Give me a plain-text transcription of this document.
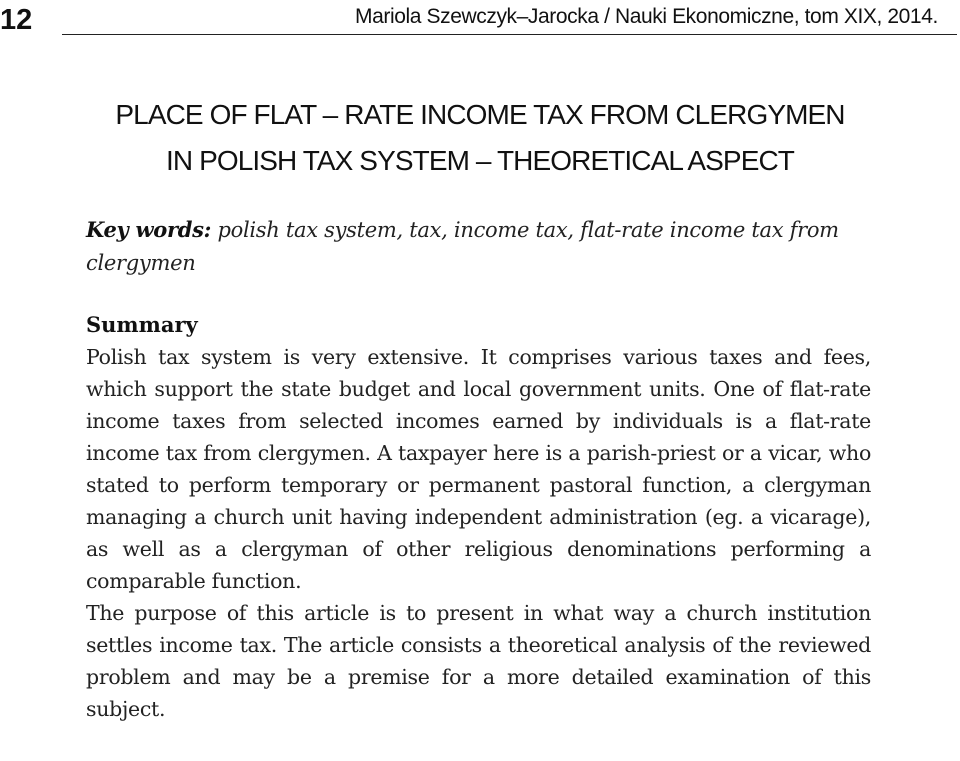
12	Mariola Szewczyk–Jarocka / Nauki Ekonomiczne, tom XIX, 2014.
PLACE OF FLAT – RATE INCOME TAX FROM CLERGYMEN
IN POLISH TAX SYSTEM – THEORETICAL ASPECT
Key words: polish tax system, tax, income tax, flat-rate income tax from clergymen
Summary

Polish tax system is very extensive. It comprises various taxes and fees, which support the state budget and local government units. One of flat-rate income taxes from selected incomes earned by individuals is a flat-rate income tax from clergymen. A taxpayer here is a parish-priest or a vicar, who stated to perform temporary or permanent pastoral function, a clergyman managing a church unit having independent administration (eg. a vicarage), as well as a clergyman of other religious denominations performing a comparable function.

The purpose of this article is to present in what way a church institution settles income tax. The article consists a theoretical analysis of the reviewed problem and may be a premise for a more detailed examination of this subject.
